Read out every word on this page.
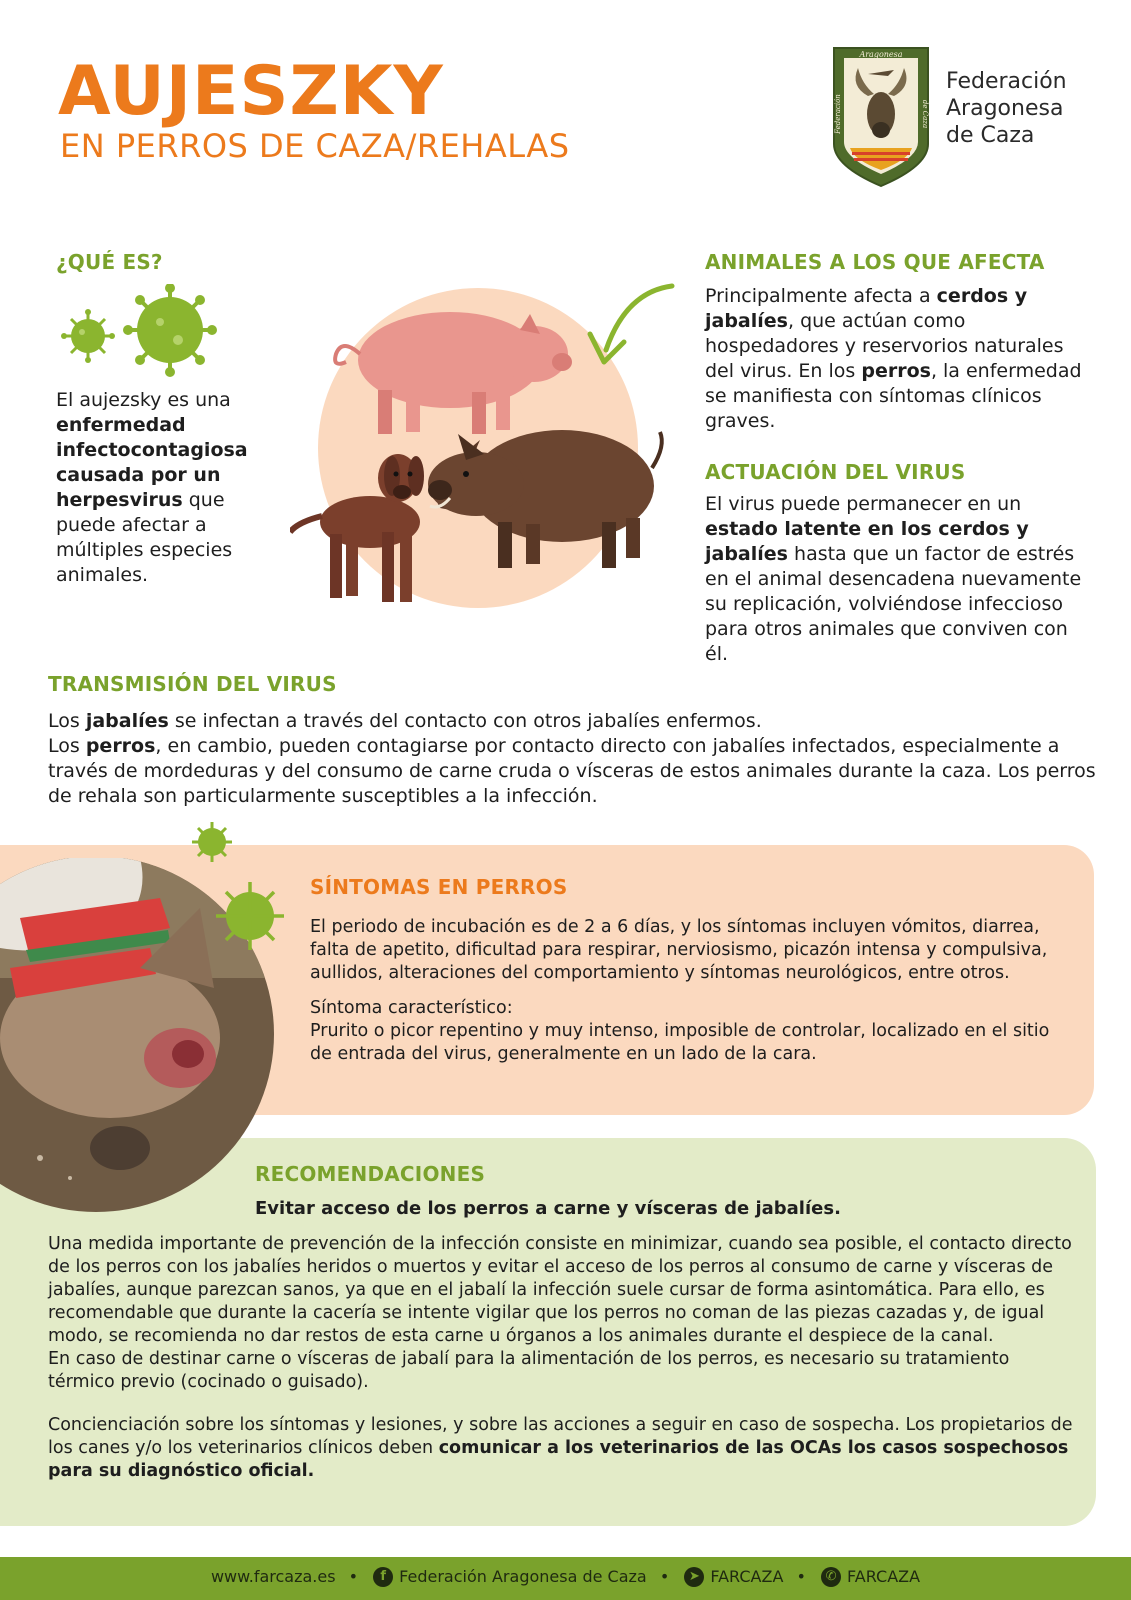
AUJESZKY
EN PERROS DE CAZA/REHALAS
Aragonesa
Federación	de Caza
Federación
Aragonesa
de Caza
¿QUÉ ES?
El aujezsky es una enfermedad infectocontagiosa causada por un herpesvirus que puede afectar a múltiples especies animales.
ANIMALES A LOS QUE AFECTA
Principalmente afecta a cerdos y jabalíes, que actúan como hospedadores y reservorios naturales del virus. En los perros, la enfermedad se manifiesta con síntomas clínicos graves.
ACTUACIÓN DEL VIRUS
El virus puede permanecer en un estado latente en los cerdos y jabalíes hasta que un factor de estrés en el animal desencadena nuevamente su replicación, volviéndose infeccioso para otros animales que conviven con él.
TRANSMISIÓN DEL VIRUS

Los jabalíes se infectan a través del contacto con otros jabalíes enfermos.

Los perros, en cambio, pueden contagiarse por contacto directo con jabalíes infectados, especialmente a través de mordeduras y del consumo de carne cruda o vísceras de estos animales durante la caza. Los perros de rehala son particularmente susceptibles a la infección.

SÍNTOMAS EN PERROS

El periodo de incubación es de 2 a 6 días, y los síntomas incluyen vómitos, diarrea, falta de apetito, dificultad para respirar, nerviosismo, picazón intensa y compulsiva, aullidos, alteraciones del comportamiento y síntomas neurológicos, entre otros.

Síntoma característico:

Prurito o picor repentino y muy intenso, imposible de controlar, localizado en el sitio de entrada del virus, generalmente en un lado de la cara.

RECOMENDACIONES
Evitar acceso de los perros a carne y vísceras de jabalíes.

Una medida importante de prevención de la infección consiste en minimizar, cuando sea posible, el contacto directo de los perros con los jabalíes heridos o muertos y evitar el acceso de los perros al consumo de carne y vísceras de jabalíes, aunque parezcan sanos, ya que en el jabalí la infección suele cursar de forma asintomática. Para ello, es recomendable que durante la cacería se intente vigilar que los perros no coman de las piezas cazadas y, de igual modo, se recomienda no dar restos de esta carne u órganos a los animales durante el despiece de la canal.

En caso de destinar carne o vísceras de jabalí para la alimentación de los perros, es necesario su tratamiento térmico previo (cocinado o guisado).

Concienciación sobre los síntomas y lesiones, y sobre las acciones a seguir en caso de sospecha. Los propietarios de los canes y/o los veterinarios clínicos deben comunicar a los veterinarios de las OCAs los casos sospechosos para su diagnóstico oficial.

www.farcaza.es • f Federación Aragonesa de Caza • ➤ FARCAZA • ✆ FARCAZA
